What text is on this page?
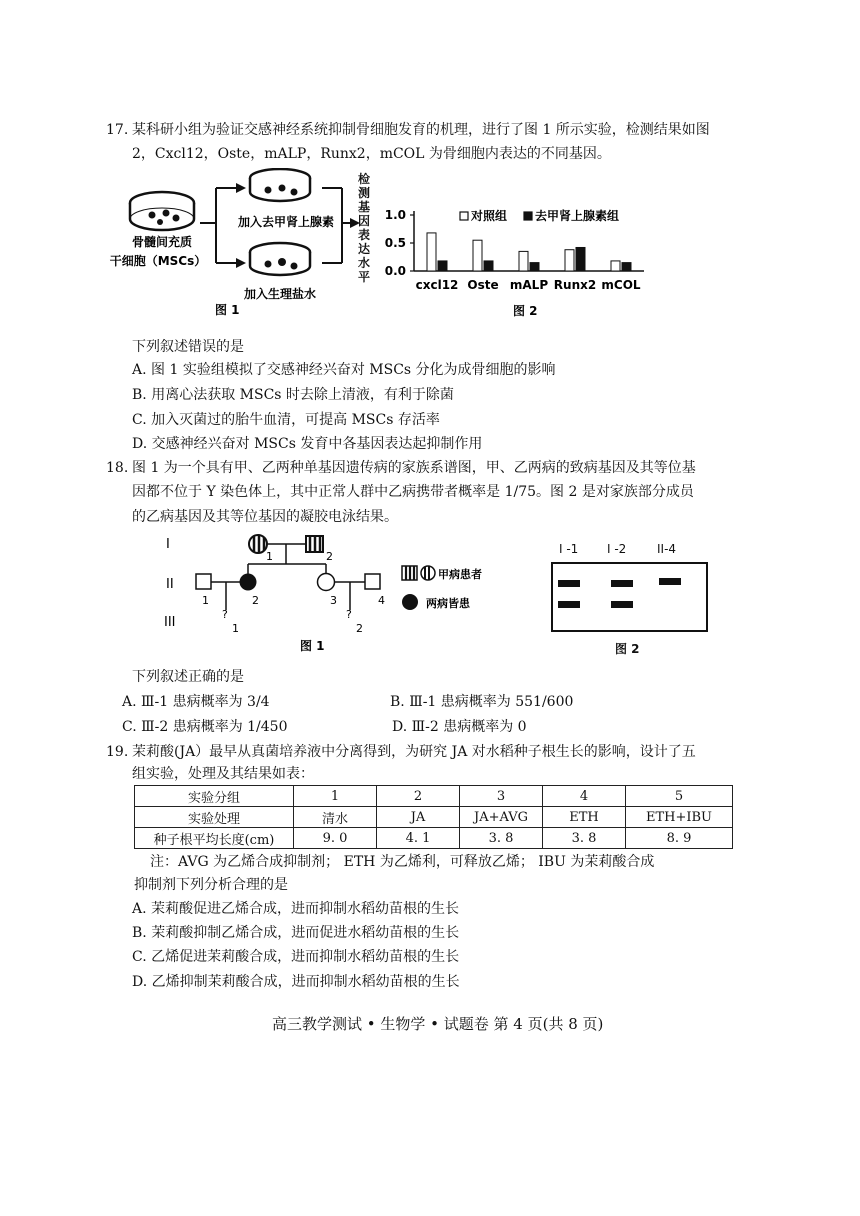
17. 某科研小组为验证交感神经系统抑制骨细胞发育的机理，进行了图 1 所示实验，检测结果如图
2，Cxcl12，Oste，mALP，Runx2，mCOL 为骨细胞内表达的不同基因。
骨髓间充质
干细胞（MSCs）
加入去甲肾上腺素
加入生理盐水
图 1
检测基因表达水平
1.0
0.5
0.0
cxcl12 Oste mALP Runx2 mCOL
图 2
对照组 去甲肾上腺素组
下列叙述错误的是
A. 图 1 实验组模拟了交感神经兴奋对 MSCs 分化为成骨细胞的影响
B. 用离心法获取 MSCs 时去除上清液，有利于除菌
C. 加入灭菌过的胎牛血清，可提高 MSCs 存活率
D. 交感神经兴奋对 MSCs 发育中各基因表达起抑制作用
18. 图 1 为一个具有甲、乙两种单基因遗传病的家族系谱图，甲、乙两病的致病基因及其等位基
因都不位于 Y 染色体上，其中正常人群中乙病携带者概率是 1/75。图 2 是对家族部分成员
的乙病基因及其等位基因的凝胶电泳结果。
I
II
III
1	2
1	2
?
1
3	4
?
2
甲病患者
两病皆患
图 1
I -1 I -2	II-4
图 2
下列叙述正确的是
A. Ⅲ-1 患病概率为 3/4	B. Ⅲ-1 患病概率为 551/600
C. Ⅲ-2 患病概率为 1/450	D. Ⅲ-2 患病概率为 0
19. 茉莉酸(JA）最早从真菌培养液中分离得到，为研究 JA 对水稻种子根生长的影响，设计了五
组实验，处理及其结果如表：
实验分组	1	2	3	4	5
实验处理	清水	JA	JA+AVG	ETH	ETH+IBU
种子根平均长度(cm)	9. 0	4. 1	3. 8	3. 8	8. 9
注：AVG 为乙烯合成抑制剂； ETH 为乙烯利，可释放乙烯； IBU 为茉莉酸合成
抑制剂下列分析合理的是
A. 茉莉酸促进乙烯合成，进而抑制水稻幼苗根的生长
B. 茉莉酸抑制乙烯合成，进而促进水稻幼苗根的生长
C. 乙烯促进茉莉酸合成，进而抑制水稻幼苗根的生长
D. 乙烯抑制茉莉酸合成，进而抑制水稻幼苗根的生长
高三教学测试 • 生物学 • 试题卷 第 4 页(共 8 页)
